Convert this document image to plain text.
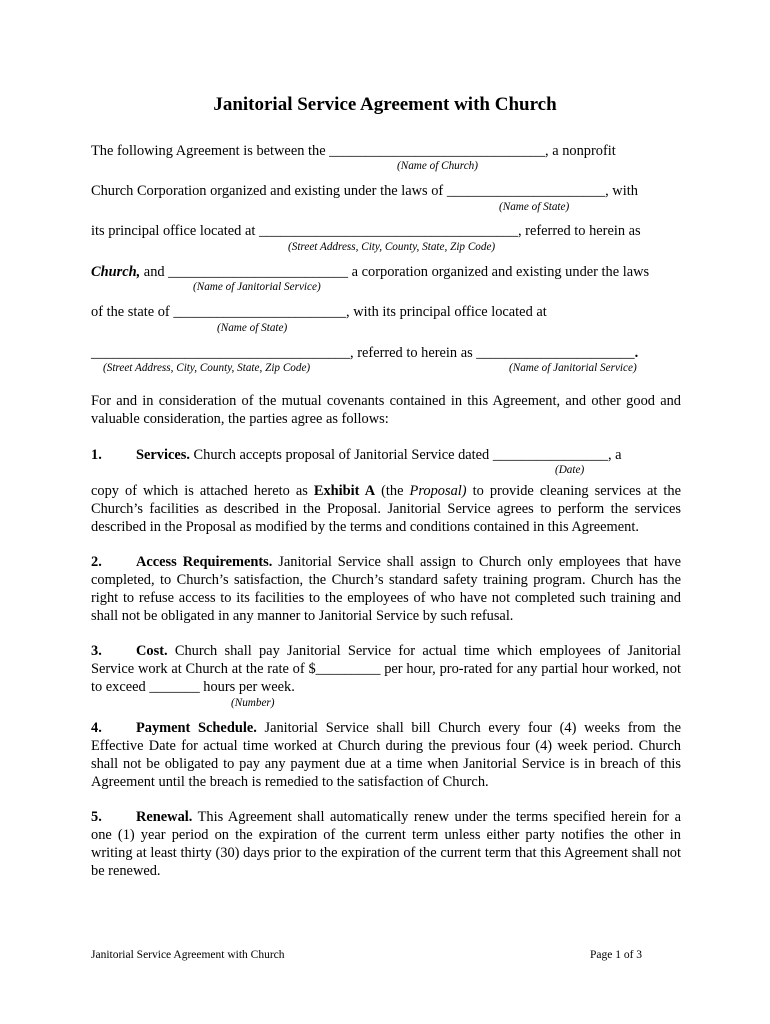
Janitorial Service Agreement with Church

The following Agreement is between the ______________________________, a nonprofit

(Name of Church)

Church Corporation organized and existing under the laws of ______________________, with

(Name of State)

its principal office located at ____________________________________, referred to herein as

(Street Address, City, County, State, Zip Code)

Church, and _________________________ a corporation organized and existing under the laws

(Name of Janitorial Service)

of the state of ________________________, with its principal office located at

(Name of State)

____________________________________, referred to herein as ______________________.

(Street Address, City, County, State, Zip Code)	(Name of Janitorial Service)

For and in consideration of the mutual covenants contained in this Agreement, and other good and valuable consideration, the parties agree as follows:

1. Services. Church accepts proposal of Janitorial Service dated ________________, a

(Date)

copy of which is attached hereto as Exhibit A (the Proposal) to provide cleaning services at the Church’s facilities as described in the Proposal. Janitorial Service agrees to perform the services described in the Proposal as modified by the terms and conditions contained in this Agreement.

2. Access Requirements. Janitorial Service shall assign to Church only employees that have completed, to Church’s satisfaction, the Church’s standard safety training program. Church has the right to refuse access to its facilities to the employees of who have not completed such training and shall not be obligated in any manner to Janitorial Service by such refusal.

3. Cost. Church shall pay Janitorial Service for actual time which employees of Janitorial Service work at Church at the rate of $_________ per hour, pro-rated for any partial hour worked, not to exceed _______ hours per week.

(Number)

4. Payment Schedule. Janitorial Service shall bill Church every four (4) weeks from the Effective Date for actual time worked at Church during the previous four (4) week period. Church shall not be obligated to pay any payment due at a time when Janitorial Service is in breach of this Agreement until the breach is remedied to the satisfaction of Church.

5. Renewal. This Agreement shall automatically renew under the terms specified herein for a one (1) year period on the expiration of the current term unless either party notifies the other in writing at least thirty (30) days prior to the expiration of the current term that this Agreement shall not be renewed.

Janitorial Service Agreement with Church	Page 1 of 3
